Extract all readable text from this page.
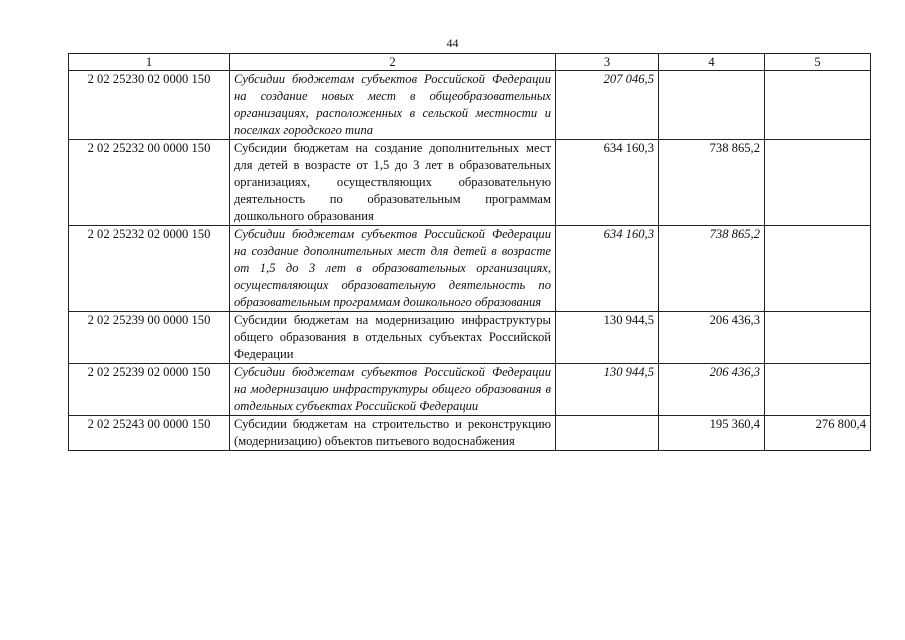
44
1	2	3	4	5
2 02 25230 02 0000 150	Субсидии бюджетам субъектов Российской Федерации на создание новых мест в общеобразовательных организациях, расположенных в сельской местности и поселках городского типа	207 046,5		
2 02 25232 00 0000 150	Субсидии бюджетам на создание дополнительных мест для детей в возрасте от 1,5 до 3 лет в образовательных организациях, осуществляющих образовательную деятельность по образовательным программам дошкольного образования	634 160,3	738 865,2	
2 02 25232 02 0000 150	Субсидии бюджетам субъектов Российской Федерации на создание дополнительных мест для детей в возрасте от 1,5 до 3 лет в образовательных организациях, осуществляющих образовательную деятельность по образовательным программам дошкольного образования	634 160,3	738 865,2	
2 02 25239 00 0000 150	Субсидии бюджетам на модернизацию инфраструктуры общего образования в отдельных субъектах Российской Федерации	130 944,5	206 436,3	
2 02 25239 02 0000 150	Субсидии бюджетам субъектов Российской Федерации на модернизацию инфраструктуры общего образования в отдельных субъектах Российской Федерации	130 944,5	206 436,3	
2 02 25243 00 0000 150	Субсидии бюджетам на строительство и реконструкцию (модернизацию) объектов питьевого водоснабжения		195 360,4	276 800,4
